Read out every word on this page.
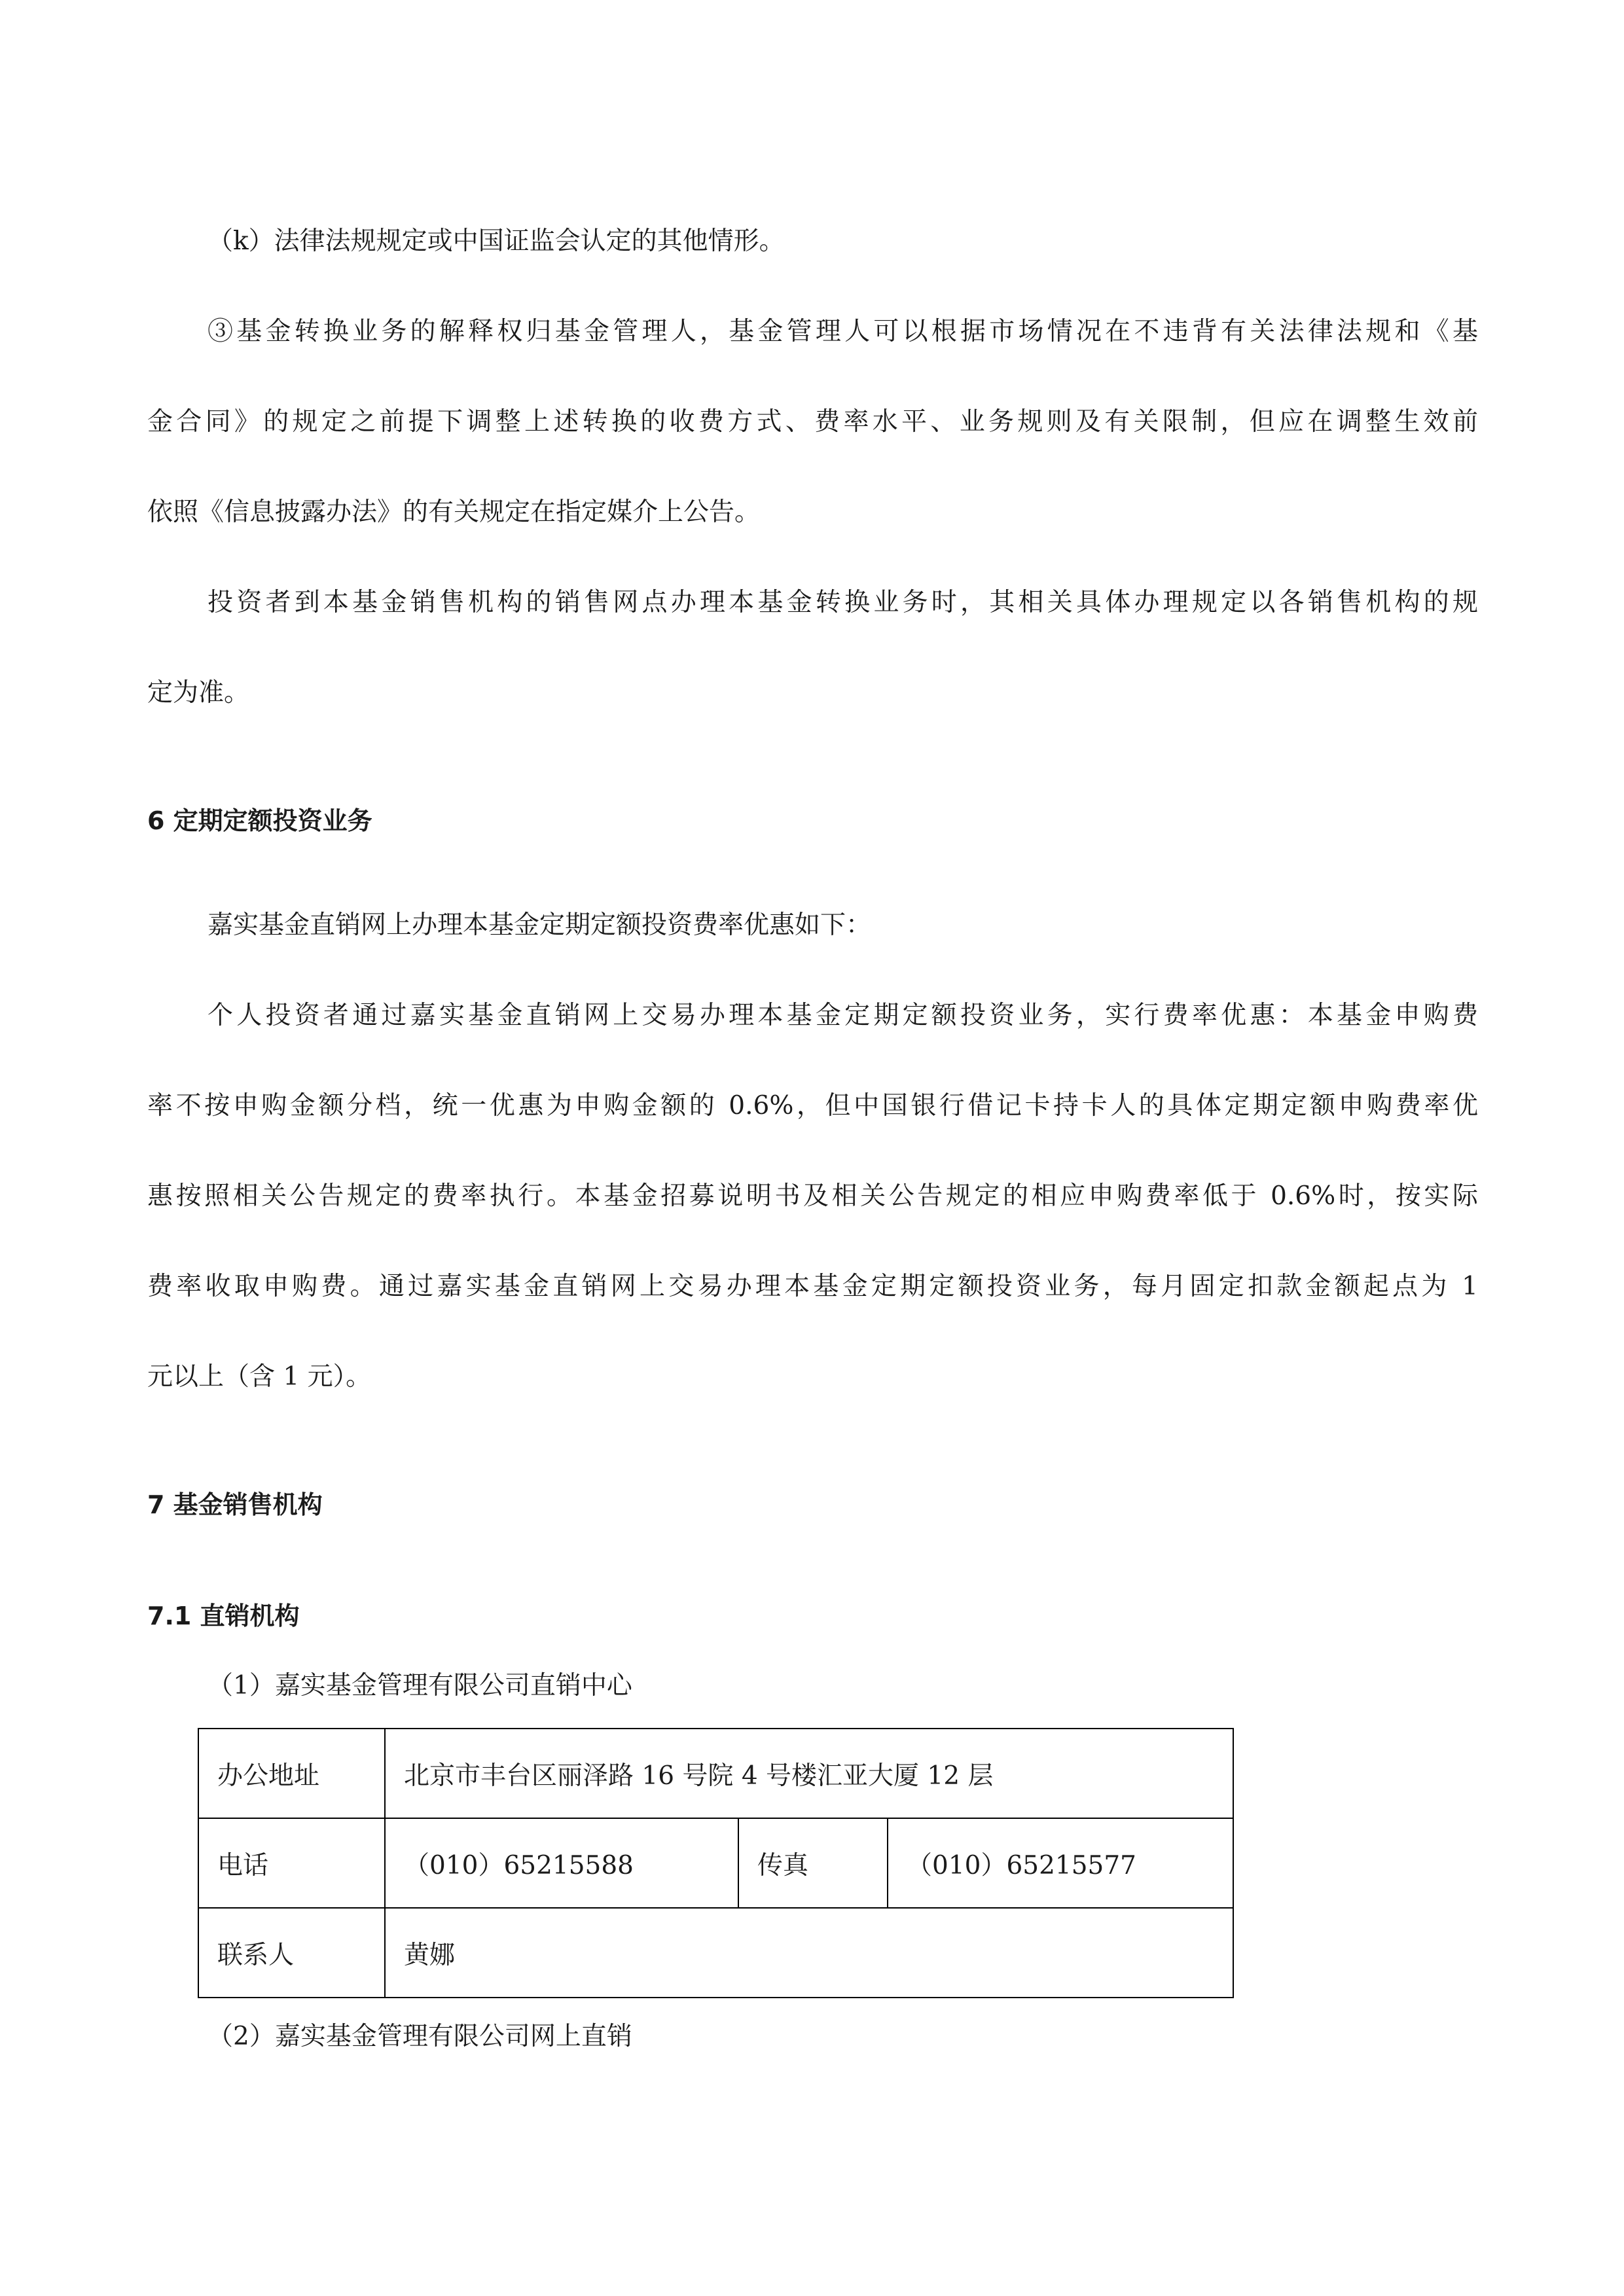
（k）法律法规规定或中国证监会认定的其他情形。
③基金转换业务的解释权归基金管理人，基金管理人可以根据市场情况在不违背有关法律法规和《基
金合同》的规定之前提下调整上述转换的收费方式、费率水平、业务规则及有关限制，但应在调整生效前
依照《信息披露办法》的有关规定在指定媒介上公告。
投资者到本基金销售机构的销售网点办理本基金转换业务时，其相关具体办理规定以各销售机构的规
定为准。
6 定期定额投资业务
嘉实基金直销网上办理本基金定期定额投资费率优惠如下：
个人投资者通过嘉实基金直销网上交易办理本基金定期定额投资业务，实行费率优惠：本基金申购费
率不按申购金额分档，统一优惠为申购金额的 0.6%，但中国银行借记卡持卡人的具体定期定额申购费率优
惠按照相关公告规定的费率执行。本基金招募说明书及相关公告规定的相应申购费率低于 0.6%时，按实际
费率收取申购费。通过嘉实基金直销网上交易办理本基金定期定额投资业务，每月固定扣款金额起点为 1
元以上（含 1 元）。
7 基金销售机构
7.1 直销机构
（1）嘉实基金管理有限公司直销中心
办公地址	北京市丰台区丽泽路 16 号院 4 号楼汇亚大厦 12 层		
电话	（010）65215588	传真	（010）65215577
联系人	黄娜		
（2）嘉实基金管理有限公司网上直销
